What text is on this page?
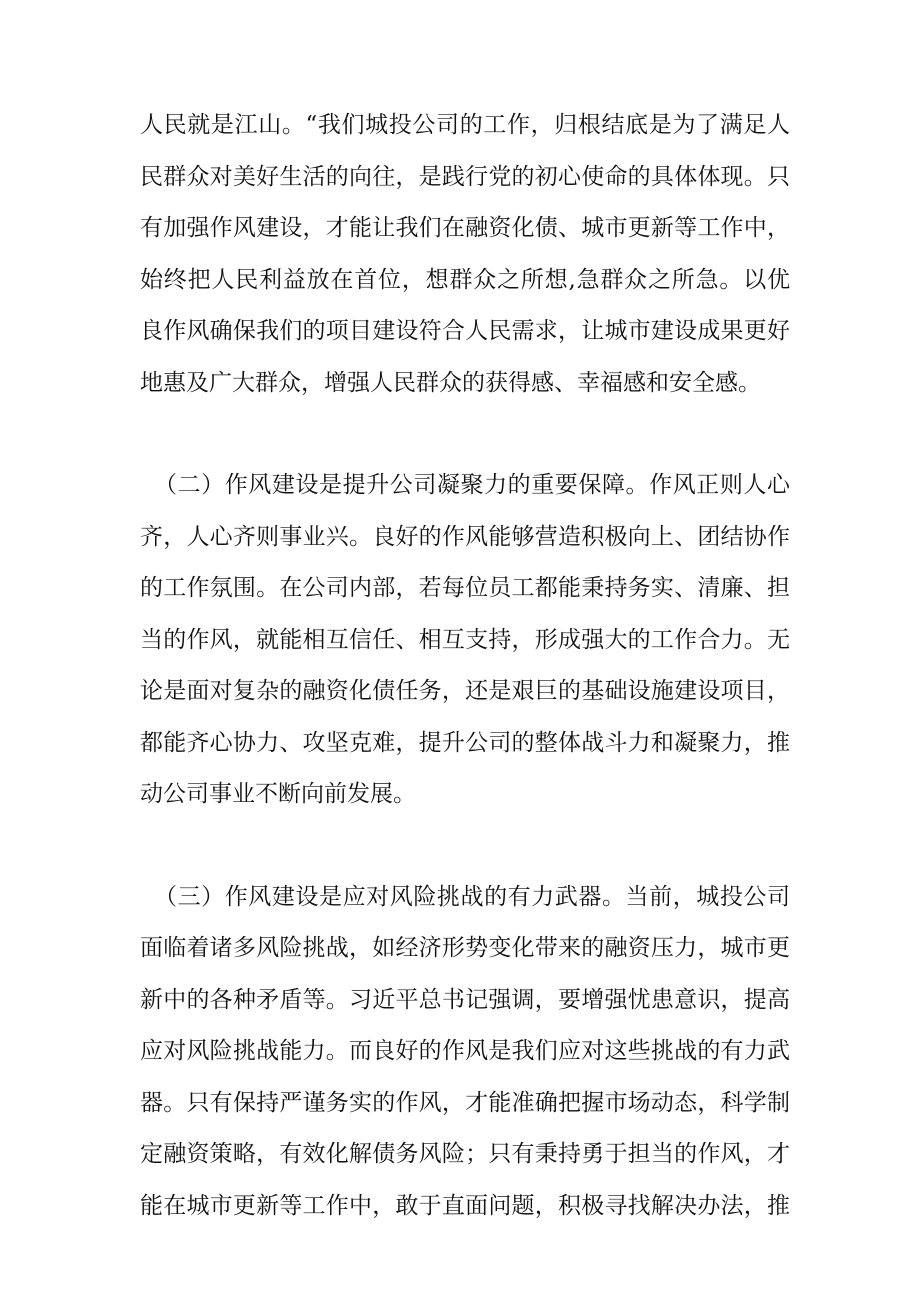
人民就是江山。“我们城投公司的工作，归根结底是为了满足人
民群众对美好生活的向往，是践行党的初心使命的具体体现。只
有加强作风建设，才能让我们在融资化债、城市更新等工作中，
始终把人民利益放在首位，想群众之所想,急群众之所急。以优
良作风确保我们的项目建设符合人民需求，让城市建设成果更好
地惠及广大群众，增强人民群众的获得感、幸福感和安全感。
（二）作风建设是提升公司凝聚力的重要保障。作风正则人心
齐，人心齐则事业兴。良好的作风能够营造积极向上、团结协作
的工作氛围。在公司内部，若每位员工都能秉持务实、清廉、担
当的作风，就能相互信任、相互支持，形成强大的工作合力。无
论是面对复杂的融资化债任务，还是艰巨的基础设施建设项目，
都能齐心协力、攻坚克难，提升公司的整体战斗力和凝聚力，推
动公司事业不断向前发展。
（三）作风建设是应对风险挑战的有力武器。当前，城投公司
面临着诸多风险挑战，如经济形势变化带来的融资压力，城市更
新中的各种矛盾等。习近平总书记强调，要增强忧患意识，提高
应对风险挑战能力。而良好的作风是我们应对这些挑战的有力武
器。只有保持严谨务实的作风，才能准确把握市场动态，科学制
定融资策略，有效化解债务风险；只有秉持勇于担当的作风，才
能在城市更新等工作中，敢于直面问题，积极寻找解决办法，推
